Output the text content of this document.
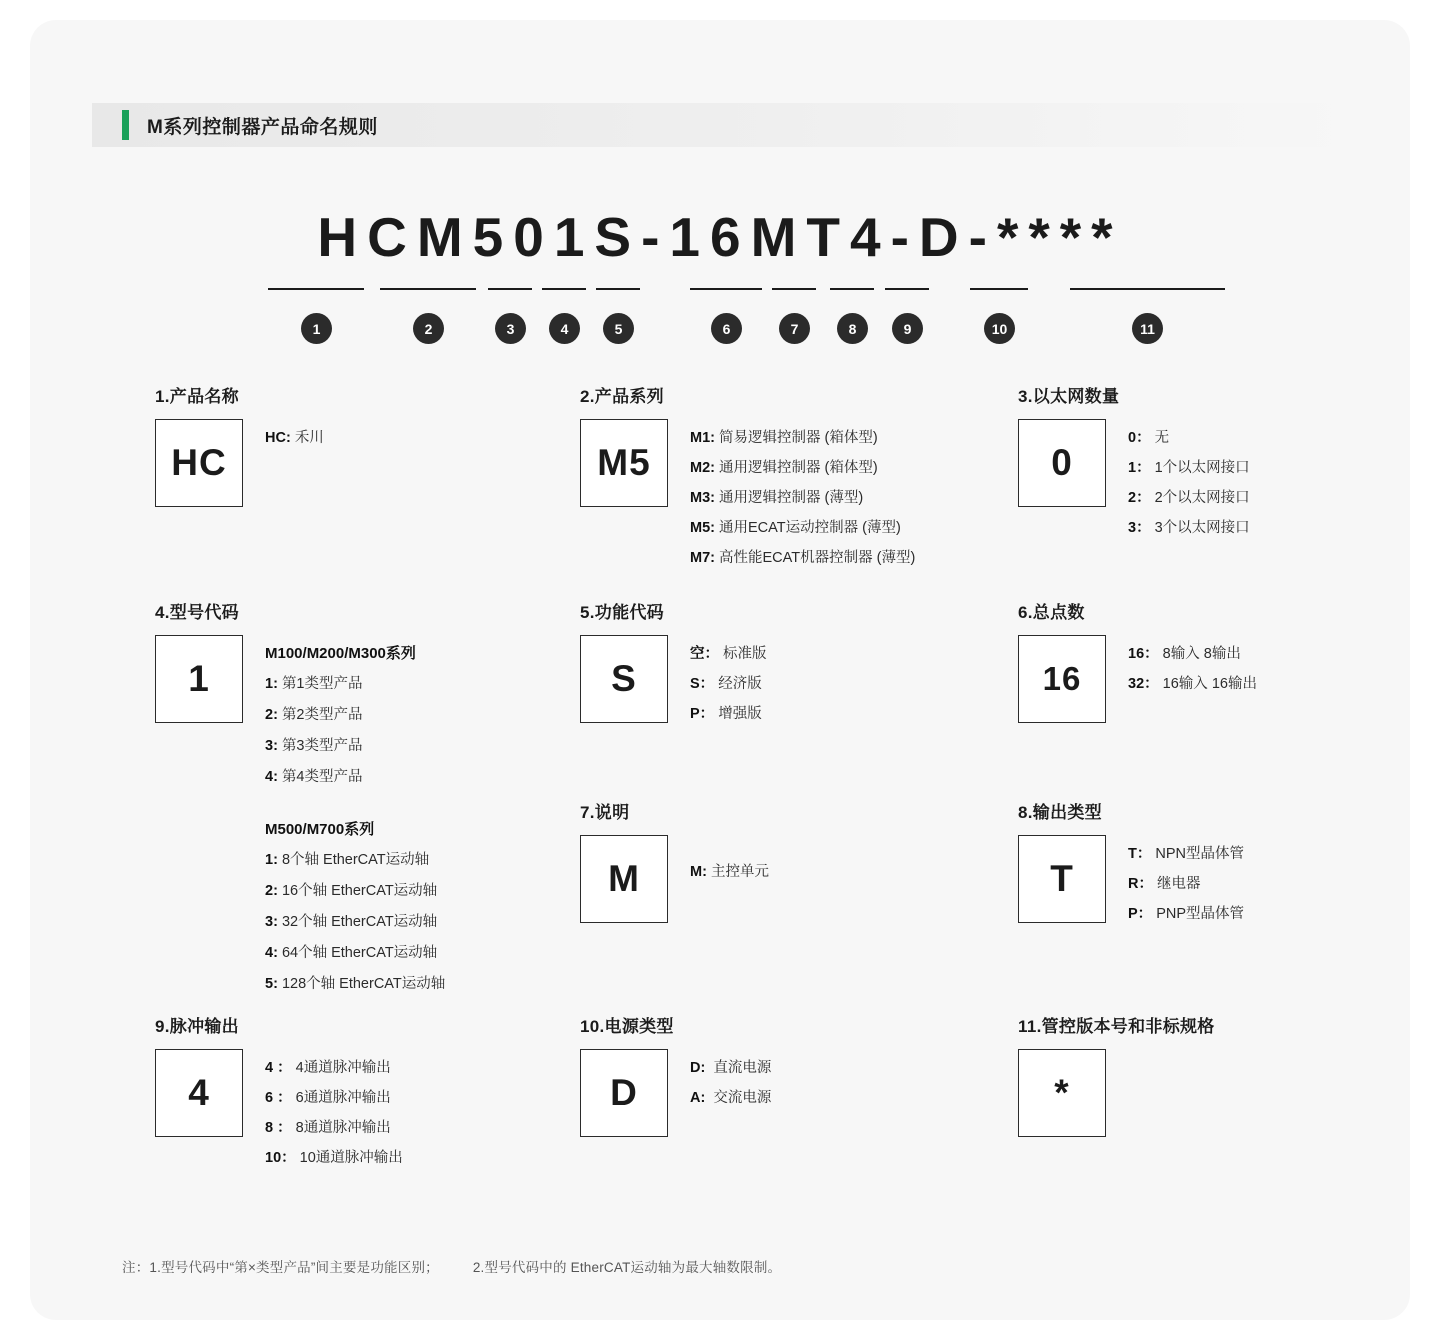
M系列控制器产品命名规则
HCM501S-16MT4-D-****
1	2	3	4	5	6	7	8	9	10	11
1.产品名称
HC
HC: 禾川
2.产品系列
M5
M1: 简易逻辑控制器 (箱体型)
M2: 通用逻辑控制器 (箱体型)
M3: 通用逻辑控制器 (薄型)
M5: 通用ECAT运动控制器 (薄型)
M7: 高性能ECAT机器控制器 (薄型)
3.以太网数量
0
0： 无
1： 1个以太网接口
2： 2个以太网接口
3： 3个以太网接口
4.型号代码
1
M100/M200/M300系列
1: 第1类型产品
2: 第2类型产品
3: 第3类型产品
4: 第4类型产品
M500/M700系列
1: 8个轴 EtherCAT运动轴
2: 16个轴 EtherCAT运动轴
3: 32个轴 EtherCAT运动轴
4: 64个轴 EtherCAT运动轴
5: 128个轴 EtherCAT运动轴
5.功能代码
S
空： 标准版
S： 经济版
P： 增强版
6.总点数
16
16： 8输入 8输出
32： 16输入 16输出
7.说明
M	M: 主控单元
8.输出类型
T
T： NPN型晶体管
R： 继电器
P： PNP型晶体管
9.脉冲输出
4
4 ： 4通道脉冲输出
6 ： 6通道脉冲输出
8 ： 8通道脉冲输出
10： 10通道脉冲输出
10.电源类型
D
D: 直流电源
A: 交流电源
11.管控版本号和非标规格
*
注：1.型号代码中“第×类型产品”间主要是功能区别；	2.型号代码中的 EtherCAT运动轴为最大轴数限制。
